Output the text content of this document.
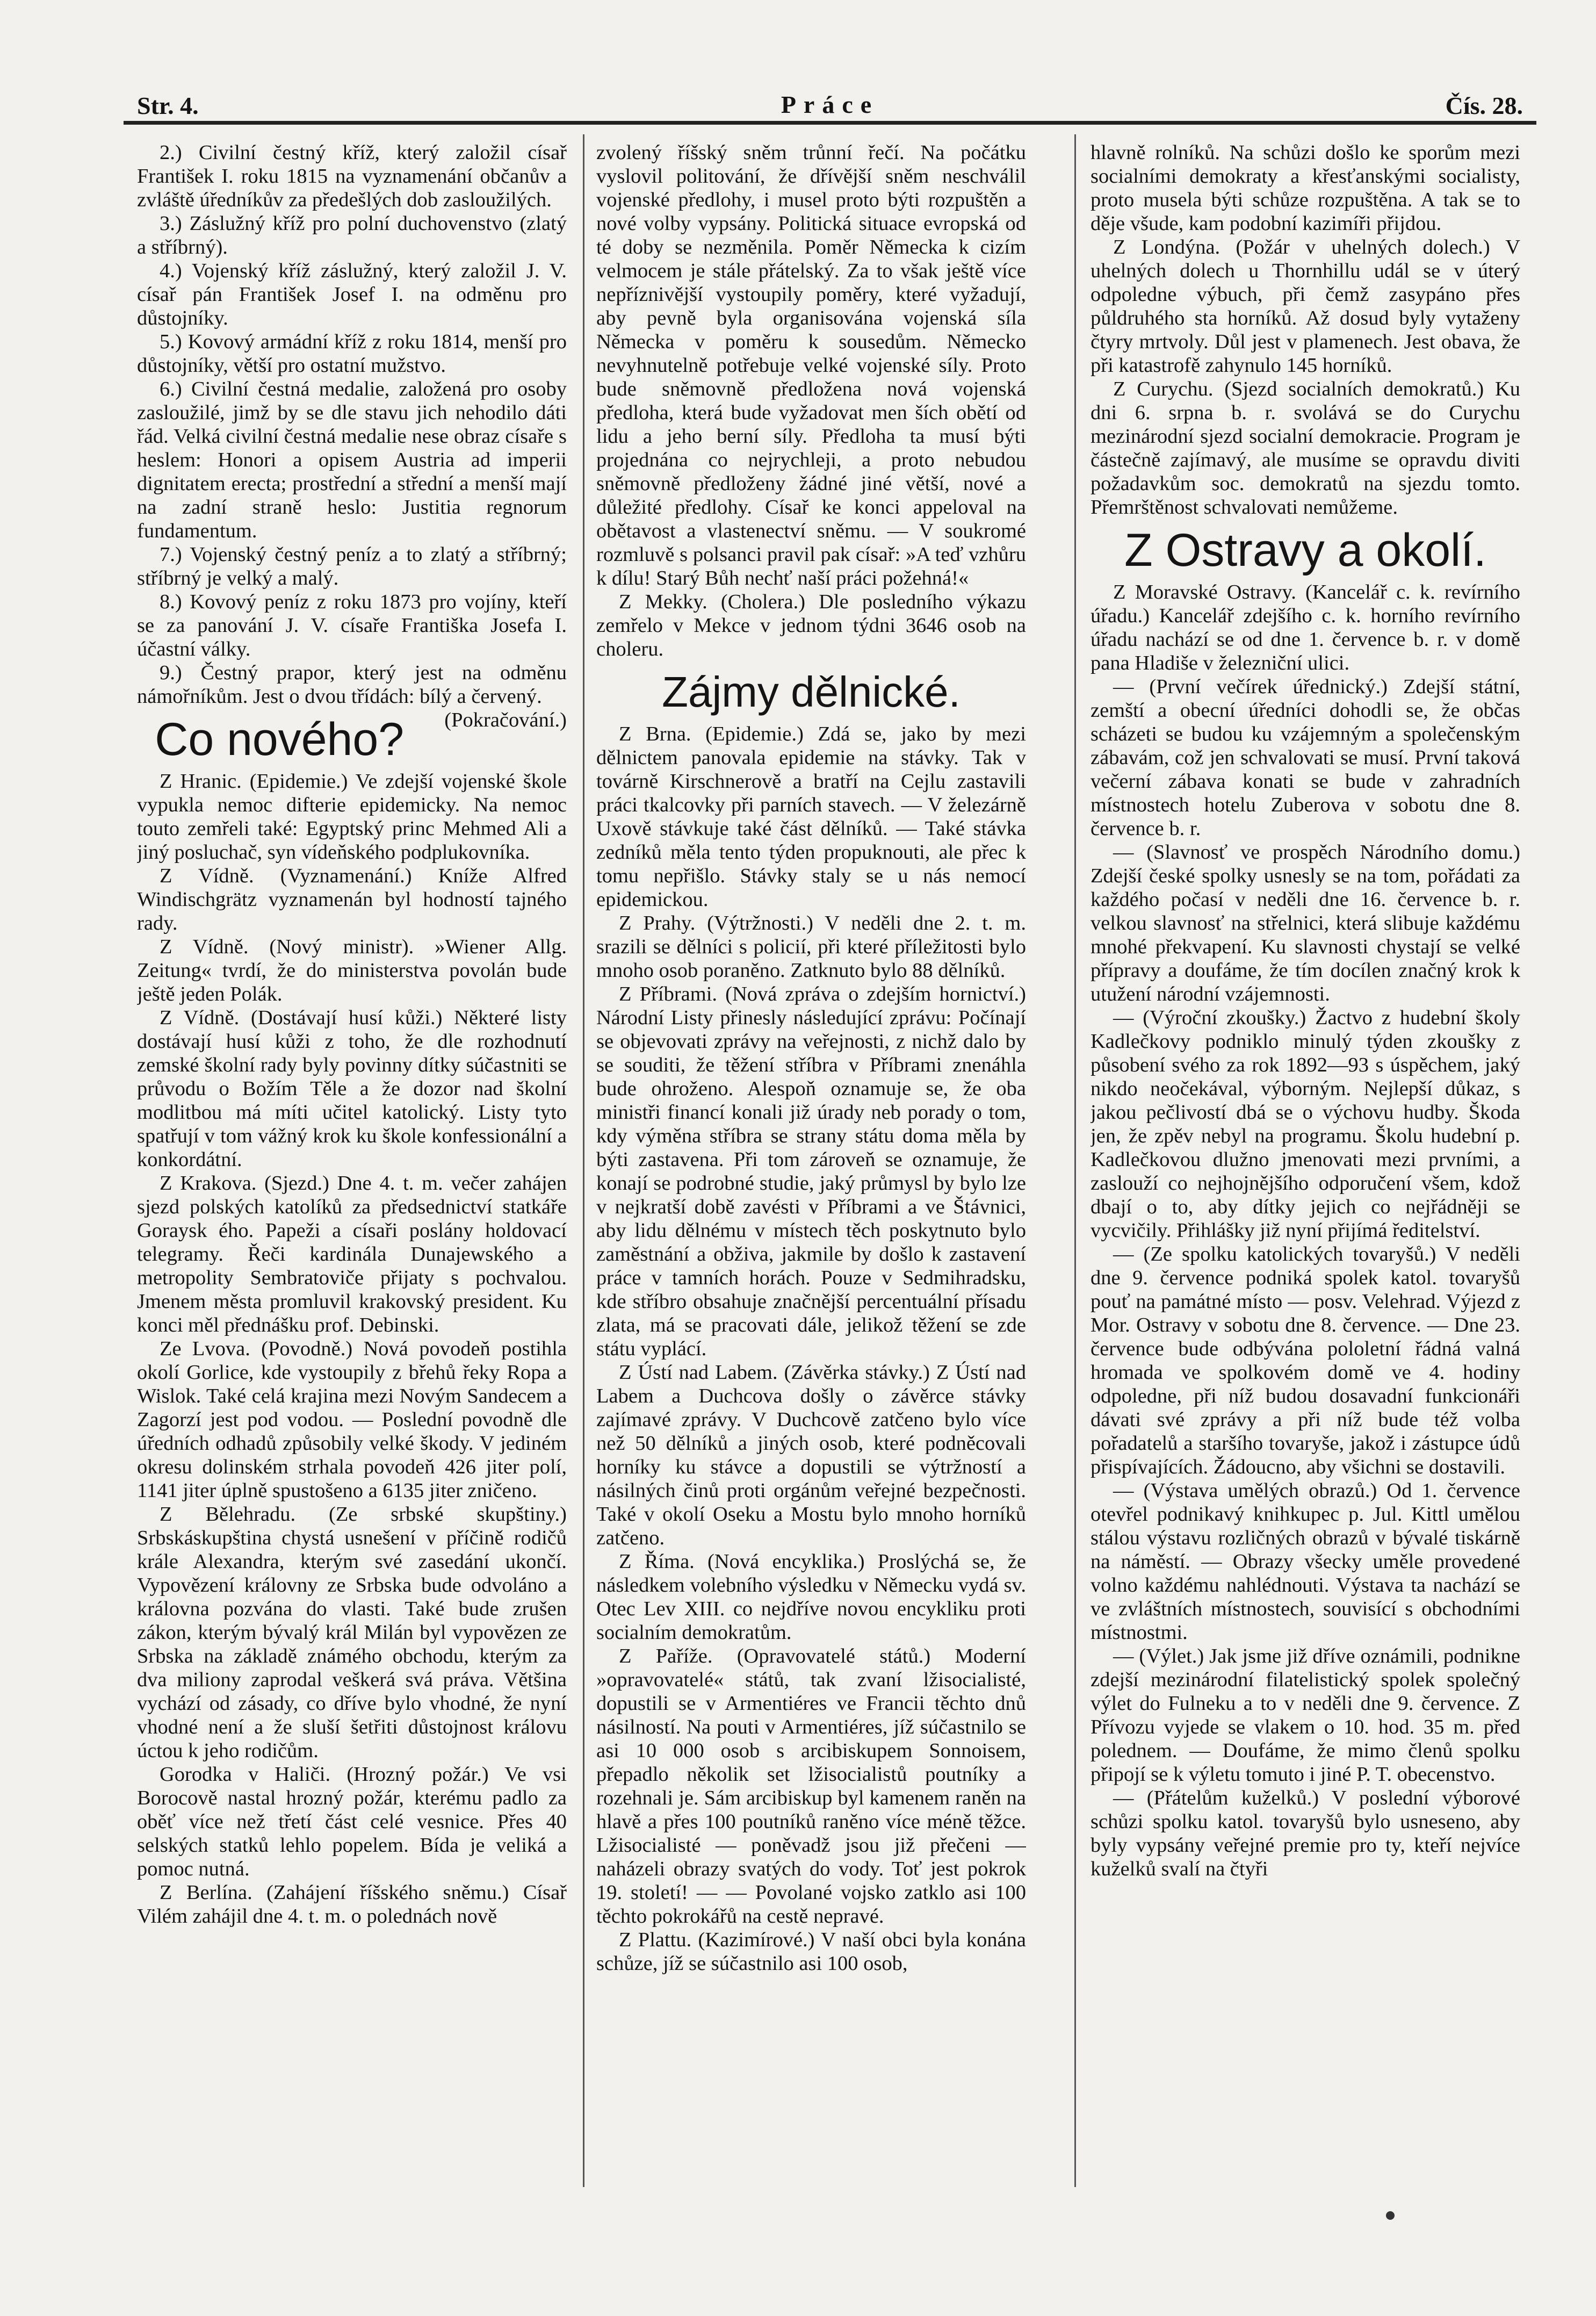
Str. 4.	Práce	Čís. 28.

2.) Civilní čestný kříž, který založil císař František I. roku 1815 na vyznamenání občanův a zvláště úředníkův za předešlých dob zasloužilých.

3.) Záslužný kříž pro polní duchovenstvo (zlatý a stříbrný).

4.) Vojenský kříž záslužný, který založil J. V. císař pán František Josef I. na odměnu pro důstojníky.

5.) Kovový armádní kříž z roku 1814, menší pro důstojníky, větší pro ostatní mužstvo.

6.) Civilní čestná medalie, založená pro osoby zasloužilé, jimž by se dle stavu jich nehodilo dáti řád. Velká civilní čestná medalie nese obraz císaře s heslem: Honori a opisem Austria ad imperii dignitatem erecta; prostřední a střední a menší mají na zadní straně heslo: Justitia regnorum fundamentum.

7.) Vojenský čestný peníz a to zlatý a stříbrný; stříbrný je velký a malý.

8.) Kovový peníz z roku 1873 pro vojíny, kteří se za panování J. V. císaře Františka Josefa I. účastní války.

9.) Čestný prapor, který jest na odměnu námořníkům. Jest o dvou třídách: bílý a červený.
(Pokračování.)

Co nového?

Z Hranic. (Epidemie.) Ve zdejší vojenské škole vypukla nemoc difterie epidemicky. Na nemoc touto zemřeli také: Egyptský princ Mehmed Ali a jiný posluchač, syn vídeňského podplukovníka.

Z Vídně. (Vyznamenání.) Kníže Alfred Windischgrätz vyznamenán byl hodností tajného rady.

Z Vídně. (Nový ministr). »Wiener Allg. Zeitung« tvrdí, že do ministerstva povolán bude ještě jeden Polák.

Z Vídně. (Dostávají husí kůži.) Některé listy dostávají husí kůži z toho, že dle rozhodnutí zemské školní rady byly povinny dítky súčastniti se průvodu o Božím Těle a že dozor nad školní modlitbou má míti učitel katolický. Listy tyto spatřují v tom vážný krok ku škole konfessionální a konkordátní.

Z Krakova. (Sjezd.) Dne 4. t. m. večer zahájen sjezd polských katolíků za předsednictví statkáře Goraysk ého. Papeži a císaři poslány holdovací telegramy. Řeči kardinála Dunajewského a metropolity Sembratoviče přijaty s pochvalou. Jmenem města promluvil krakovský president. Ku konci měl přednášku prof. Debinski.

Ze Lvova. (Povodně.) Nová povodeň postihla okolí Gorlice, kde vystoupily z břehů řeky Ropa a Wislok. Také celá krajina mezi Novým Sandecem a Zagorzí jest pod vodou. — Poslední povodně dle úředních odhadů způsobily velké škody. V jediném okresu dolinském strhala povodeň 426 jiter polí, 1141 jiter úplně spustošeno a 6135 jiter zničeno.

Z Bělehradu. (Ze srbské skupštiny.) Srbskáskupština chystá usnešení v příčině rodičů krále Alexandra, kterým své zasedání ukončí. Vypovězení královny ze Srbska bude odvoláno a královna pozvána do vlasti. Také bude zrušen zákon, kterým bývalý král Milán byl vypovězen ze Srbska na základě známého obchodu, kterým za dva miliony zaprodal veškerá svá práva. Většina vychází od zásady, co dříve bylo vhodné, že nyní vhodné není a že sluší šetřiti důstojnost královu úctou k jeho rodičům.

Gorodka v Haliči. (Hrozný požár.) Ve vsi Borocově nastal hrozný požár, kterému padlo za oběť více než třetí část celé vesnice. Přes 40 selských statků lehlo popelem. Bída je veliká a pomoc nutná.

Z Berlína. (Zahájení říšského sněmu.) Císař Vilém zahájil dne 4. t. m. o polednách nově

zvolený říšský sněm trůnní řečí. Na počátku vyslovil politování, že dřívější sněm neschválil vojenské předlohy, i musel proto býti rozpuštěn a nové volby vypsány. Politická situace evropská od té doby se nezměnila. Poměr Německa k cizím velmocem je stále přátelský. Za to však ještě více nepříznivější vystoupily poměry, které vyžadují, aby pevně byla organisována vojenská síla Německa v poměru k sousedům. Německo nevyhnutelně potřebuje velké vojenské síly. Proto bude sněmovně předložena nová vojenská předloha, která bude vyžadovat men ších obětí od lidu a jeho berní síly. Předloha ta musí býti projednána co nejrychleji, a proto nebudou sněmovně předloženy žádné jiné větší, nové a důležité předlohy. Císař ke konci appeloval na obětavost a vlastenectví sněmu. — V soukromé rozmluvě s polsanci pravil pak císař: »A teď vzhůru k dílu! Starý Bůh nechť naší práci požehná!«

Z Mekky. (Cholera.) Dle posledního výkazu zemřelo v Mekce v jednom týdni 3646 osob na choleru.

Zájmy dělnické.

Z Brna. (Epidemie.) Zdá se, jako by mezi dělnictem panovala epidemie na stávky. Tak v továrně Kirschnerově a bratří na Cejlu zastavili práci tkalcovky při parních stavech. — V železárně Uxově stávkuje také část dělníků. — Také stávka zedníků měla tento týden propuknouti, ale přec k tomu nepřišlo. Stávky staly se u nás nemocí epidemickou.

Z Prahy. (Výtržnosti.) V neděli dne 2. t. m. srazili se dělníci s policií, při které příležitosti bylo mnoho osob poraněno. Zatknuto bylo 88 dělníků.

Z Příbrami. (Nová zpráva o zdejším hornictví.) Národní Listy přinesly následující zprávu: Počínají se objevovati zprávy na veřejnosti, z nichž dalo by se souditi, že těžení stříbra v Příbrami znenáhla bude ohroženo. Alespoň oznamuje se, že oba ministři financí konali již úrady neb porady o tom, kdy výměna stříbra se strany státu doma měla by býti zastavena. Při tom zároveň se oznamuje, že konají se podrobné studie, jaký průmysl by bylo lze v nejkratší době zavésti v Příbrami a ve Štávnici, aby lidu dělnému v místech těch poskytnuto bylo zaměstnání a obživa, jakmile by došlo k zastavení práce v tamních horách. Pouze v Sedmihradsku, kde stříbro obsahuje značnější percentuální přísadu zlata, má se pracovati dále, jelikož těžení se zde státu vyplácí.

Z Ústí nad Labem. (Závěrka stávky.) Z Ústí nad Labem a Duchcova došly o závěrce stávky zajímavé zprávy. V Duchcově zatčeno bylo více než 50 dělníků a jiných osob, které podněcovali horníky ku stávce a dopustili se výtržností a násilných činů proti orgánům veřejné bezpečnosti. Také v okolí Oseku a Mostu bylo mnoho horníků zatčeno.

Z Říma. (Nová encyklika.) Proslýchá se, že následkem volebního výsledku v Německu vydá sv. Otec Lev XIII. co nejdříve novou encykliku proti socialním demokratům.

Z Paříže. (Opravovatelé států.) Moderní »opravovatelé« států, tak zvaní lžisocialisté, dopustili se v Armentiéres ve Francii těchto dnů násilností. Na pouti v Armentiéres, jíž súčastnilo se asi 10 000 osob s arcibiskupem Sonnoisem, přepadlo několik set lžisocialistů poutníky a rozehnali je. Sám arcibiskup byl kamenem raněn na hlavě a přes 100 poutníků raněno více méně těžce. Lžisocialisté — poněvadž jsou již přečeni — naházeli obrazy svatých do vody. Toť jest pokrok 19. století! — — Povolané vojsko zatklo asi 100 těchto pokrokářů na cestě nepravé.

Z Plattu. (Kazimírové.) V naší obci byla konána schůze, jíž se súčastnilo asi 100 osob,

hlavně rolníků. Na schůzi došlo ke sporům mezi socialními demokraty a křesťanskými socialisty, proto musela býti schůze rozpuštěna. A tak se to děje všude, kam podobní kazimíři přijdou.

Z Londýna. (Požár v uhelných dolech.) V uhelných dolech u Thornhillu udál se v úterý odpoledne výbuch, při čemž zasypáno přes půldruhého sta horníků. Až dosud byly vytaženy čtyry mrtvoly. Důl jest v plamenech. Jest obava, že při katastrofě zahynulo 145 horníků.

Z Curychu. (Sjezd socialních demokratů.) Ku dni 6. srpna b. r. svolává se do Curychu mezinárodní sjezd socialní demokracie. Program je částečně zajímavý, ale musíme se opravdu diviti požadavkům soc. demokratů na sjezdu tomto. Přemrštěnost schvalovati nemůžeme.

Z Ostravy a okolí.

Z Moravské Ostravy. (Kancelář c. k. revírního úřadu.) Kancelář zdejšího c. k. horního revírního úřadu nachází se od dne 1. července b. r. v domě pana Hladiše v železniční ulici.

— (První večírek úřednický.) Zdejší státní, zemští a obecní úředníci dohodli se, že občas scházeti se budou ku vzájemným a společenským zábavám, což jen schvalovati se musí. První taková večerní zábava konati se bude v zahradních místnostech hotelu Zuberova v sobotu dne 8. července b. r.

— (Slavnosť ve prospěch Národního domu.) Zdejší české spolky usnesly se na tom, pořádati za každého počasí v neděli dne 16. července b. r. velkou slavnosť na střelnici, která slibuje každému mnohé překvapení. Ku slavnosti chystají se velké přípravy a doufáme, že tím docílen značný krok k utužení národní vzájemnosti.

— (Výroční zkoušky.) Žactvo z hudební školy Kadlečkovy podniklo minulý týden zkoušky z působení svého za rok 1892—93 s úspěchem, jaký nikdo neočekával, výborným. Nejlepší důkaz, s jakou pečlivostí dbá se o výchovu hudby. Škoda jen, že zpěv nebyl na programu. Školu hudební p. Kadlečkovou dlužno jmenovati mezi prvními, a zaslouží co nejhojnějšího odporučení všem, kdož dbají o to, aby dítky jejich co nejřádněji se vycvičily. Přihlášky již nyní přijímá ředitelství.

— (Ze spolku katolických tovaryšů.) V neděli dne 9. července podniká spolek katol. tovaryšů pouť na památné místo — posv. Velehrad. Výjezd z Mor. Ostravy v sobotu dne 8. července. — Dne 23. července bude odbývána pololetní řádná valná hromada ve spolkovém domě ve 4. hodiny odpoledne, při níž budou dosavadní funkcionáři dávati své zprávy a při níž bude též volba pořadatelů a staršího tovaryše, jakož i zástupce údů přispívajících. Žádoucno, aby všichni se dostavili.

— (Výstava umělých obrazů.) Od 1. července otevřel podnikavý knihkupec p. Jul. Kittl umělou stálou výstavu rozličných obrazů v bývalé tiskárně na náměstí. — Obrazy všecky uměle provedené volno každému nahlédnouti. Výstava ta nachází se ve zvláštních místnostech, souvisící s obchodními místnostmi.

— (Výlet.) Jak jsme již dříve oznámili, podnikne zdejší mezinárodní filatelistický spolek společný výlet do Fulneku a to v neděli dne 9. července. Z Přívozu vyjede se vlakem o 10. hod. 35 m. před polednem. — Doufáme, že mimo členů spolku připojí se k výletu tomuto i jiné P. T. obecenstvo.

— (Přátelům kuželků.) V poslední výborové schůzi spolku katol. tovaryšů bylo usneseno, aby byly vypsány veřejné premie pro ty, kteří nejvíce kuželků svalí na čtyři
